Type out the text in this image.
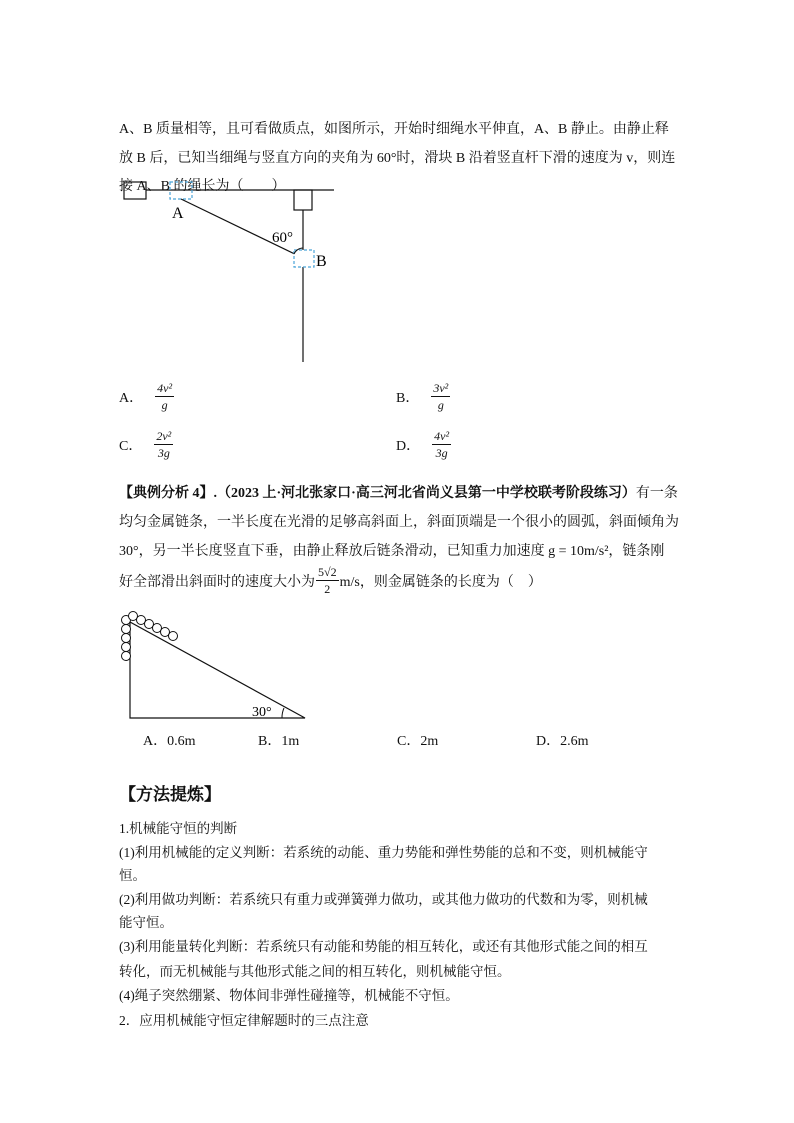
A、B 质量相等，且可看做质点，如图所示，开始时细绳水平伸直，A、B 静止。由静止释
放 B 后，已知当细绳与竖直方向的夹角为 60°时，滑块 B 沿着竖直杆下滑的速度为 v，则连
接 A、B 的绳长为（　　）
A
B
60°
A． $\frac{\text{4v²}}{g}$	B． $\frac{\text{3v²}}{g}$
C． $\frac{\text{2v²}}{3g}$	D． $\frac{\text{4v²}}{3g}$
【典例分析 4】.（2023 上·河北张家口·高三河北省尚义县第一中学校联考阶段练习）有一条
均匀金属链条，一半长度在光滑的足够高斜面上，斜面顶端是一个很小的圆弧，斜面倾角为
30°，另一半长度竖直下垂，由静止释放后链条滑动，已知重力加速度 g = 10m/s²，链条刚
好全部滑出斜面时的速度大小为 $\frac{5√2}{2} m/s$，则金属链条的长度为（　）
30°
A．0.6m	B．1m	C．2m	D．2.6m
【方法提炼】
1.机械能守恒的判断
(1)利用机械能的定义判断：若系统的动能、重力势能和弹性势能的总和不变，则机械能守
恒。
(2)利用做功判断：若系统只有重力或弹簧弹力做功，或其他力做功的代数和为零，则机械
能守恒。
(3)利用能量转化判断：若系统只有动能和势能的相互转化，或还有其他形式能之间的相互
转化，而无机械能与其他形式能之间的相互转化，则机械能守恒。
(4)绳子突然绷紧、物体间非弹性碰撞等，机械能不守恒。
2．应用机械能守恒定律解题时的三点注意
